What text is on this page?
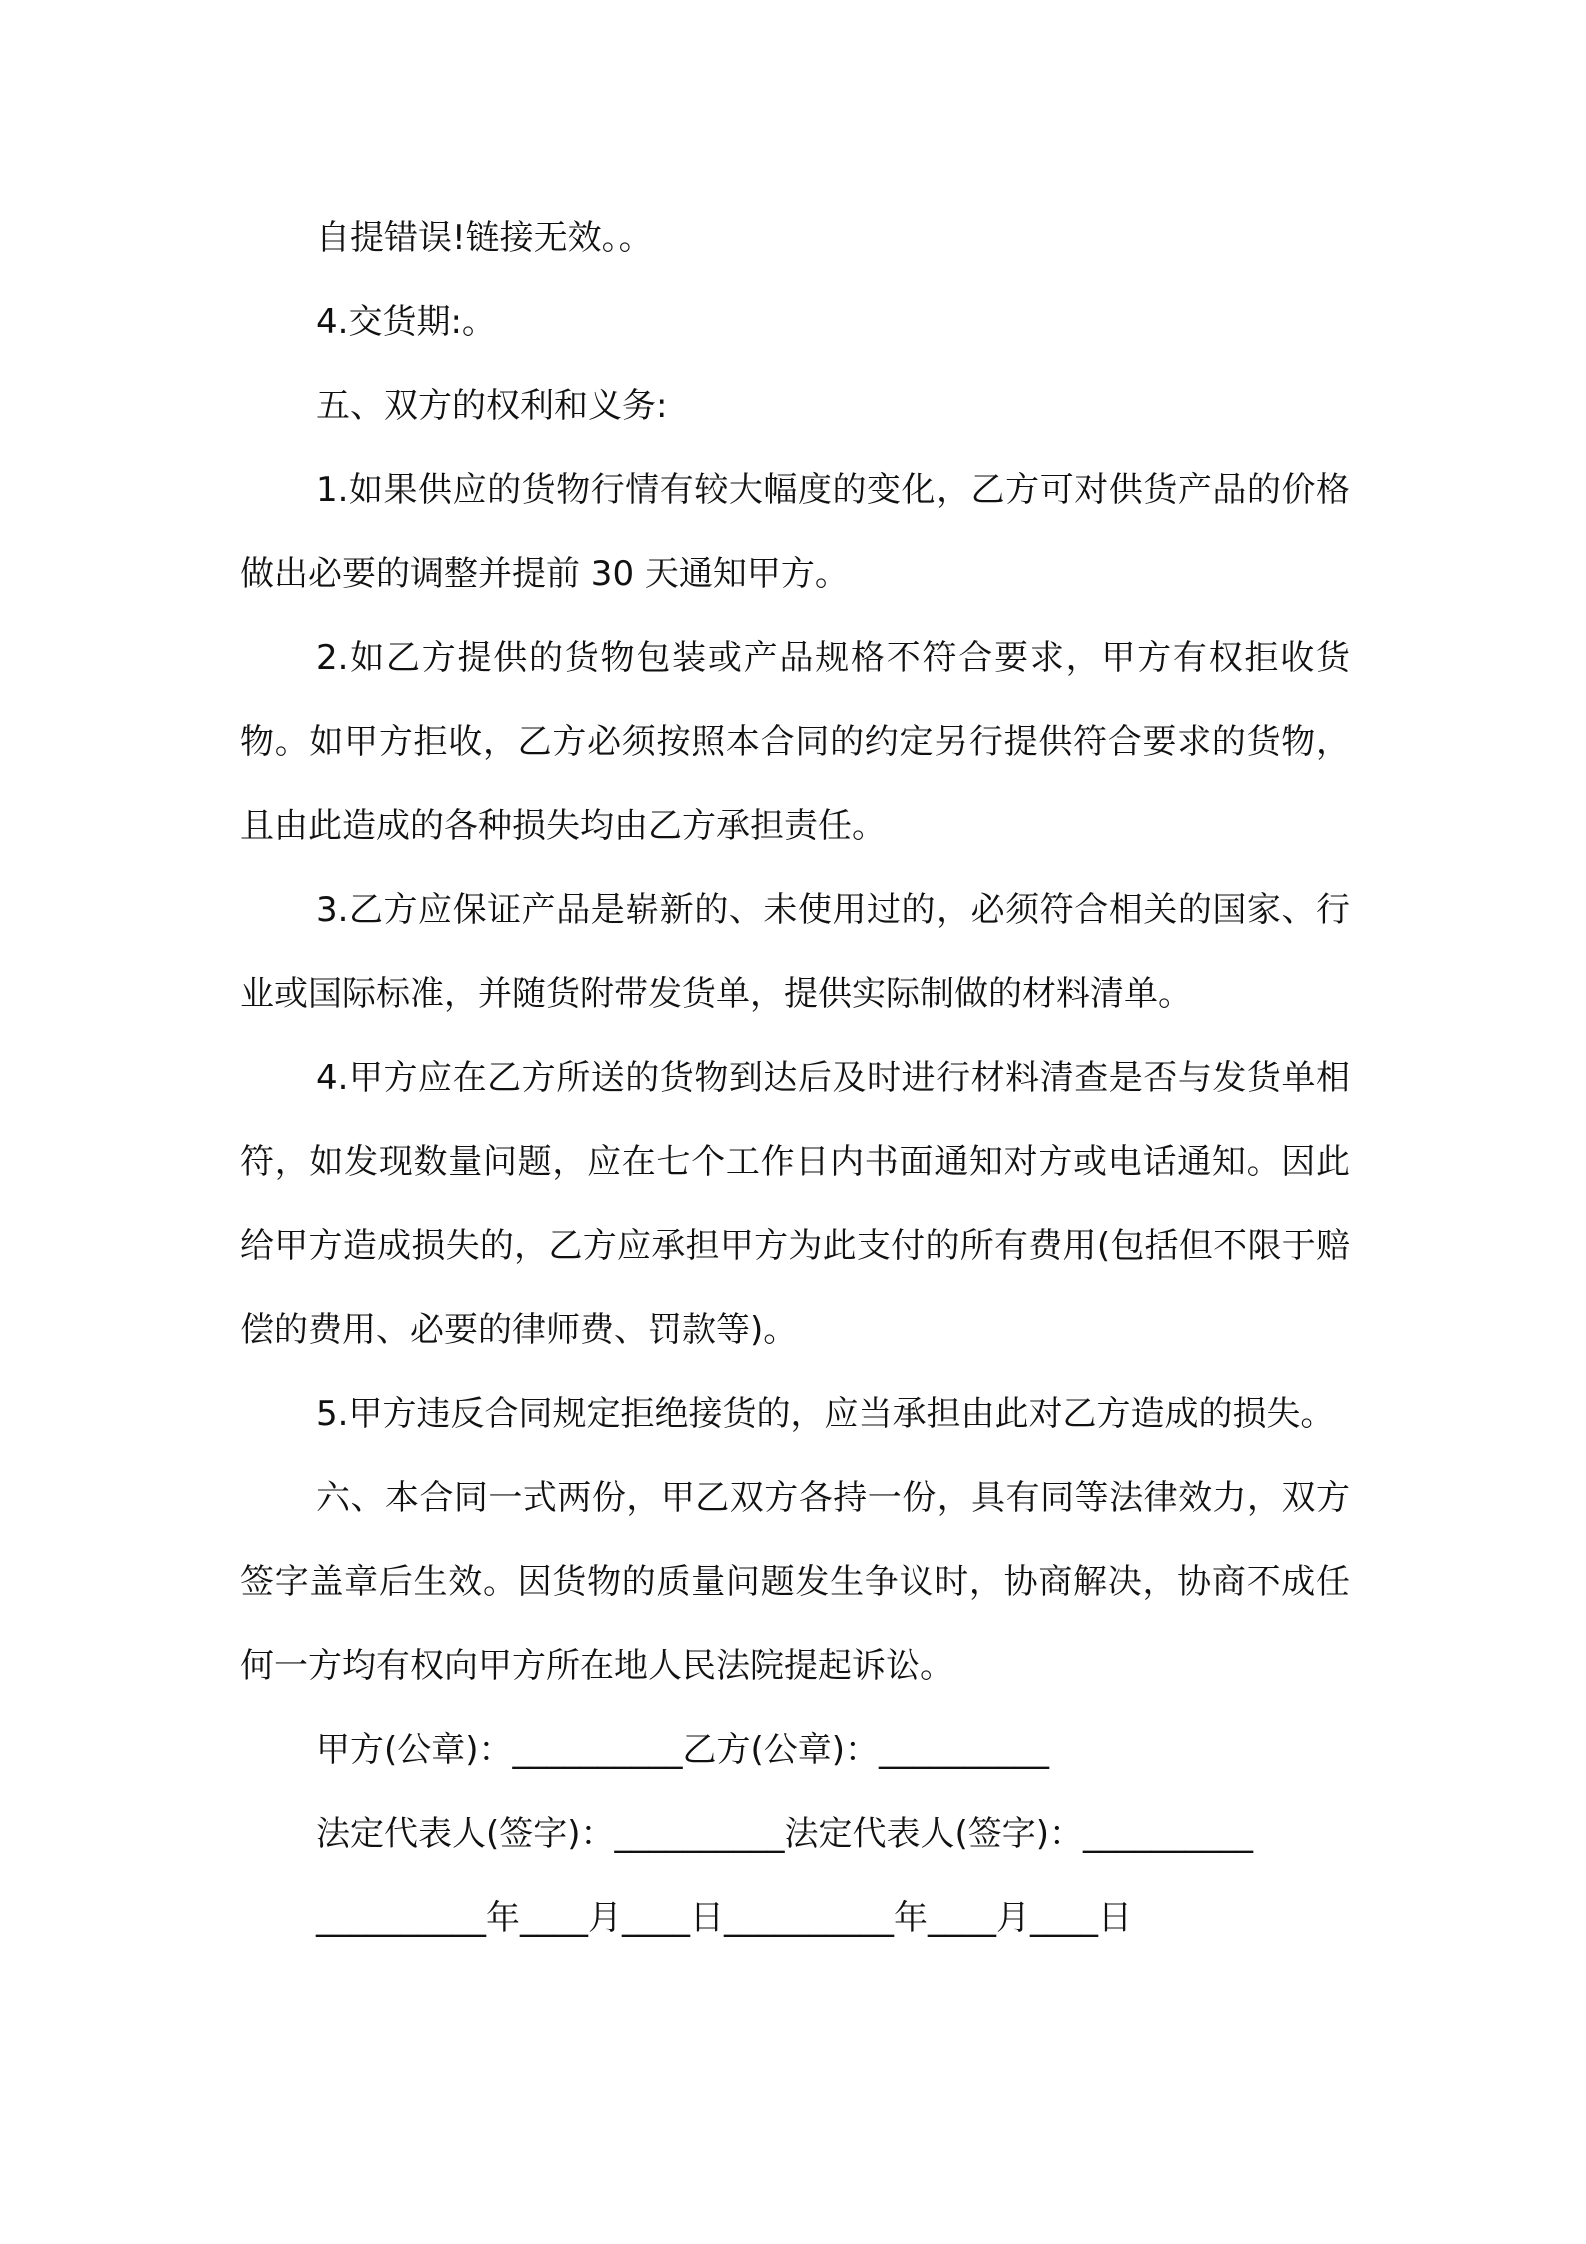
自提错误!链接无效。。

4.交货期:。

五、双方的权利和义务:

1.如果供应的货物行情有较大幅度的变化，乙方可对供货产品的价格做出必要的调整并提前 30 天通知甲方。

2.如乙方提供的货物包装或产品规格不符合要求，甲方有权拒收货物。如甲方拒收，乙方必须按照本合同的约定另行提供符合要求的货物，且由此造成的各种损失均由乙方承担责任。

3.乙方应保证产品是崭新的、未使用过的，必须符合相关的国家、行业或国际标准，并随货附带发货单，提供实际制做的材料清单。

4.甲方应在乙方所送的货物到达后及时进行材料清查是否与发货单相符，如发现数量问题，应在七个工作日内书面通知对方或电话通知。因此给甲方造成损失的，乙方应承担甲方为此支付的所有费用(包括但不限于赔偿的费用、必要的律师费、罚款等)。

5.甲方违反合同规定拒绝接货的，应当承担由此对乙方造成的损失。

六、本合同一式两份，甲乙双方各持一份，具有同等法律效力，双方签字盖章后生效。因货物的质量问题发生争议时，协商解决，协商不成任何一方均有权向甲方所在地人民法院提起诉讼。

甲方(公章)：__________乙方(公章)：__________

法定代表人(签字)：__________法定代表人(签字)：__________

__________年____月____日__________年____月____日
